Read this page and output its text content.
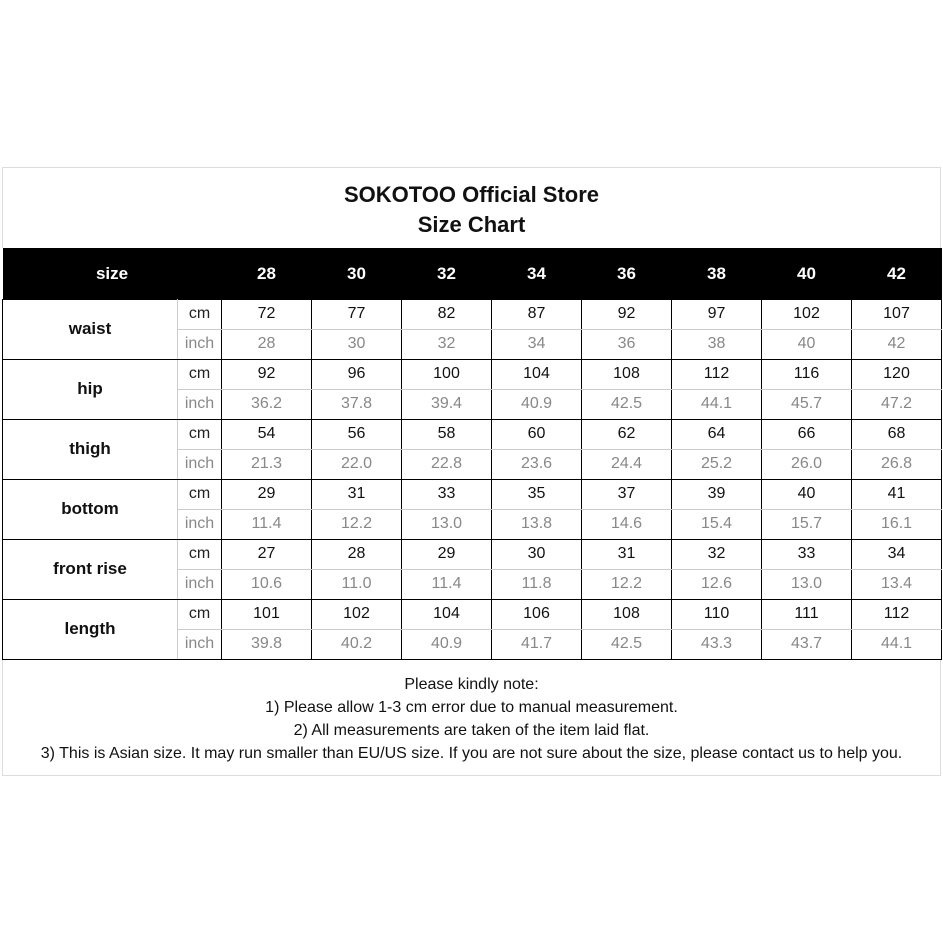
SOKOTOO Official Store
Size Chart
size		28	30	32	34	36	38	40	42
waist	cm	72	77	82	87	92	97	102	107
	inch	28	30	32	34	36	38	40	42
hip	cm	92	96	100	104	108	112	116	120
	inch	36.2	37.8	39.4	40.9	42.5	44.1	45.7	47.2
thigh	cm	54	56	58	60	62	64	66	68
	inch	21.3	22.0	22.8	23.6	24.4	25.2	26.0	26.8
bottom	cm	29	31	33	35	37	39	40	41
	inch	11.4	12.2	13.0	13.8	14.6	15.4	15.7	16.1
front rise	cm	27	28	29	30	31	32	33	34
	inch	10.6	11.0	11.4	11.8	12.2	12.6	13.0	13.4
length	cm	101	102	104	106	108	110	111	112
	inch	39.8	40.2	40.9	41.7	42.5	43.3	43.7	44.1
Please kindly note:
1) Please allow 1-3 cm error due to manual measurement.
2) All measurements are taken of the item laid flat.
3) This is Asian size. It may run smaller than EU/US size. If you are not sure about the size, please contact us to help you.
